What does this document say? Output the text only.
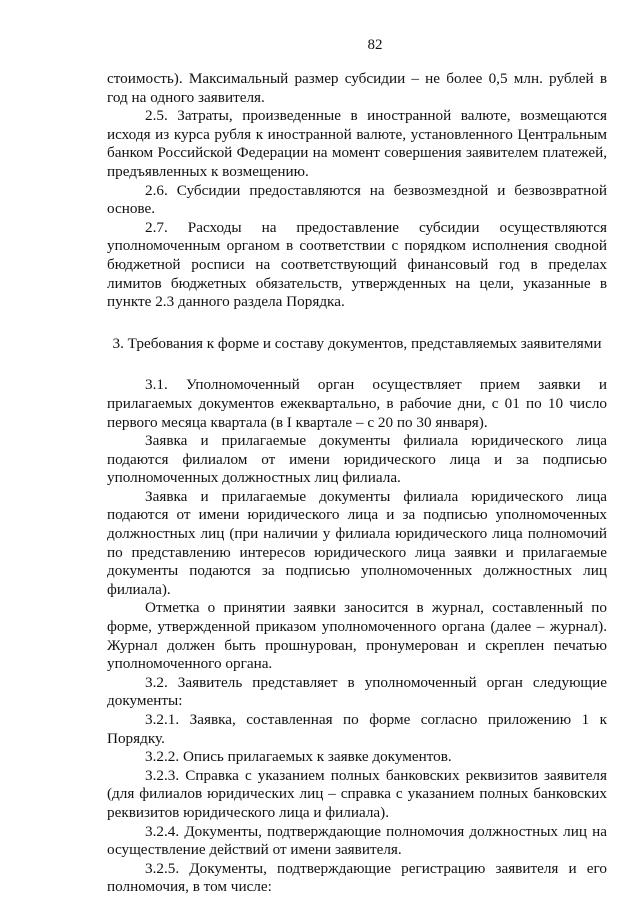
82

стоимость). Максимальный размер субсидии – не более 0,5 млн. рублей в год на одного заявителя.

2.5. Затраты, произведенные в иностранной валюте, возмещаются исходя из курса рубля к иностранной валюте, установленного Центральным банком Российской Федерации на момент совершения заявителем платежей, предъявленных к возмещению.

2.6. Субсидии предоставляются на безвозмездной и безвозвратной основе.

2.7. Расходы на предоставление субсидии осуществляются уполномоченным органом в соответствии с порядком исполнения сводной бюджетной росписи на соответствующий финансовый год в пределах лимитов бюджетных обязательств, утвержденных на цели, указанные в пункте 2.3 данного раздела Порядка.

3. Требования к форме и составу документов, представляемых заявителями

3.1. Уполномоченный орган осуществляет прием заявки и прилагаемых документов ежеквартально, в рабочие дни, с 01 по 10 число первого месяца квартала (в I квартале – с 20 по 30 января).

Заявка и прилагаемые документы филиала юридического лица подаются филиалом от имени юридического лица и за подписью уполномоченных должностных лиц филиала.

Заявка и прилагаемые документы филиала юридического лица подаются от имени юридического лица и за подписью уполномоченных должностных лиц (при наличии у филиала юридического лица полномочий по представлению интересов юридического лица заявки и прилагаемые документы подаются за подписью уполномоченных должностных лиц филиала).

Отметка о принятии заявки заносится в журнал, составленный по форме, утвержденной приказом уполномоченного органа (далее – журнал). Журнал должен быть прошнурован, пронумерован и скреплен печатью уполномоченного органа.

3.2. Заявитель представляет в уполномоченный орган следующие документы:

3.2.1. Заявка, составленная по форме согласно приложению 1 к Порядку.

3.2.2. Опись прилагаемых к заявке документов.

3.2.3. Справка с указанием полных банковских реквизитов заявителя (для филиалов юридических лиц – справка с указанием полных банковских реквизитов юридического лица и филиала).

3.2.4. Документы, подтверждающие полномочия должностных лиц на осуществление действий от имени заявителя.

3.2.5. Документы, подтверждающие регистрацию заявителя и его полномочия, в том числе:
